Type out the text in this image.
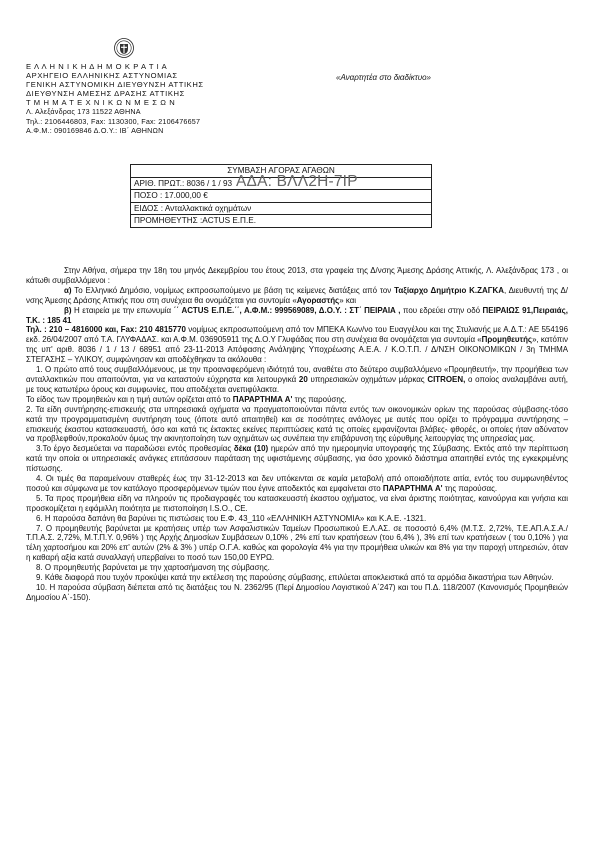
Ε Λ Λ Η Ν Ι Κ Η Δ Η Μ Ο Κ Ρ Α Τ Ι Α
ΑΡΧΗΓΕΙΟ ΕΛΛΗΝΙΚΗΣ ΑΣΤΥΝΟΜΙΑΣ
ΓΕΝΙΚΗ ΑΣΤΥΝΟΜΙΚΗ ΔΙΕΥΘΥΝΣΗ ΑΤΤΙΚΗΣ
ΔΙΕΥΘΥΝΣΗ ΑΜΕΣΗΣ ΔΡΑΣΗΣ ΑΤΤΙΚΗΣ
Τ Μ Η Μ Α Τ Ε Χ Ν Ι Κ Ω Ν Μ Ε Σ Ω Ν
Λ. Αλεξάνδρας 173 11522 ΑΘΗΝΑ
Τηλ.: 2106446803, Fax: 1130300, Fax: 2106476657
Α.Φ.Μ.: 090169846 Δ.Ο.Υ.: ΙΒ΄ ΑΘΗΝΩΝ
«Αναρτητέα στο διαδίκτυο»
ΣΥΜΒΑΣΗ ΑΓΟΡΑΣ ΑΓΑΘΩΝ
ΑΡΙΘ. ΠΡΩΤ.: 8036 / 1 / 93
ΠΟΣΟ : 17.000,00 €
ΕΙΔΟΣ : Ανταλλακτικά οχημάτων
ΠΡΟΜΗΘΕΥΤΗΣ :ACTUS Ε.Π.Ε.
ΑΔΑ: ΒΛΛ2Η-7ΙΡ

Στην Αθήνα, σήμερα την 18η του μηνός Δεκεμβρίου του έτους 2013, στα γραφεία της Δ/νσης Άμεσης Δράσης Αττικής, Λ. Αλεξάνδρας 173 , οι κάτωθι συμβαλλόμενοι :

α) Το Ελληνικό Δημόσιο, νομίμως εκπροσωπούμενο με βάση τις κείμενες διατάξεις από τον Ταξίαρχο Δημήτριο Κ.ΖΑΓΚΑ, Διευθυντή της Δ/νσης Άμεσης Δράσης Αττικής που στη συνέχεια θα ονομάζεται για συντομία «Αγοραστής» και

β) Η εταιρεία με την επωνυμία ΄΄ ACTUS E.Π.Ε.΄΄, Α.Φ.Μ.: 999569089, Δ.Ο.Υ. : ΣΤ΄ ΠΕΙΡΑΙΑ , που εδρεύει στην οδό ΠΕΙΡΑΙΩΣ 91,Πειραιάς, Τ.Κ. : 185 41
Τηλ. : 210 – 4816000 και, Fax: 210 4815770 νομίμως εκπροσωπούμενη από τον ΜΠΕΚΑ Κων/νο του Ευαγγέλου και της Στυλιανής με Α.Δ.Τ.: ΑΕ 554196 εκδ. 26/04/2007 από Τ.Α. ΓΛΥΦΑΔΑΣ. και Α.Φ.Μ. 036905911 της Δ.Ο.Υ Γλυφάδας που στη συνέχεια θα ονομάζεται για συντομία «Προμηθευτής», κατόπιν της υπ' αριθ. 8036 / 1 / 13 / 68951 από 23-11-2013 Απόφασης Ανάληψης Υποχρέωσης Α.Ε.Α. / Κ.Ο.Τ.Π. / Δ/ΝΣΗ ΟΙΚΟΝΟΜΙΚΩΝ / 3η ΤΜΗΜΑ ΣΤΕΓΑΣΗΣ – ΥΛΙΚΟΥ, συμφώνησαν και αποδέχθηκαν τα ακόλουθα :

1. Ο πρώτο από τους συμβαλλόμενους, με την προαναφερόμενη ιδιότητά του, αναθέτει στο δεύτερο συμβαλλόμενο «Προμηθευτή», την προμήθεια των ανταλλακτικών που απαιτούνται, για να καταστούν εύχρηστα και λειτουργικά 20 υπηρεσιακών οχημάτων μάρκας CITROEN, ο οποίος αναλαμβάνει αυτή, με τους κατωτέρω όρους και συμφωνίες, που αποδέχεται ανεπιφύλακτα.

Το είδος των προμηθειών και η τιμή αυτών ορίζεται από το ΠΑΡΑΡΤΗΜΑ Α' της παρούσης.

2. Τα είδη συντήρησης-επισκευής στα υπηρεσιακά οχήματα να πραγματοποιούνται πάντα εντός των οικονομικών ορίων της παρούσας σύμβασης-τόσο κατά την προγραμματισμένη συντήρηση τους (όποτε αυτό απαιτηθεί) και σε ποσότητες ανάλογες με αυτές που ορίζει το πρόγραμμα συντήρησης – επισκευής έκαστου κατασκευαστή, όσο και κατά τις έκτακτες εκείνες περιπτώσεις κατά τις οποίες εμφανίζονται βλάβες- φθορές, οι οποίες ήταν αδύνατον να προβλεφθούν,προκαλούν όμως την ακινητοποίηση των οχημάτων ως συνέπεια την επιβάρυνση της εύρυθμης λειτουργίας της υπηρεσίας μας.

3.Το έργο δεσμεύεται να παραδώσει εντός προθεσμίας δέκα (10) ημερών από την ημερομηνία υπογραφής της Σύμβασης. Εκτός από την περίπτωση κατά την οποία οι υπηρεσιακές ανάγκες επιτάσσουν παράταση της υφιστάμενης σύμβασης, για όσο χρονικό διάστημα απαιτηθεί εντός της εγκεκριμένης πίστωσης.

4. Οι τιμές θα παραμείνουν σταθερές έως την 31-12-2013 και δεν υπόκεινται σε καμία μεταβολή από οποιαδήποτε αιτία, εντός του συμφωνηθέντος ποσού και σύμφωνα με τον κατάλογο προσφερόμενων τιμών που έγινε αποδεκτός και εμφαίνεται στο ΠΑΡΑΡΤΗΜΑ Α' της παρούσας.

5. Τα προς προμήθεια είδη να πληρούν τις προδιαγραφές του κατασκευαστή έκαστου οχήματος, να είναι άριστης ποιότητας, καινούργια και γνήσια και προσκομίζεται η εφάμιλλη ποιότητα με πιστοποίηση I.S.O., CE.

6. Η παρούσα δαπάνη θα βαρύνει τις πιστώσεις του Ε.Φ. 43_110 «ΕΛΛΗΝΙΚΗ ΑΣΤΥΝΟΜΙΑ» και Κ.Α.Ε. -1321.

7. Ο προμηθευτής βαρύνεται με κρατήσεις υπέρ των Ασφαλιστικών Ταμείων Προσωπικού Ε.Λ.ΑΣ. σε ποσοστό 6,4% (Μ.Τ.Σ. 2,72%, Τ.Ε.ΑΠ.Α.Σ.Α./Τ.Π.Α.Σ. 2,72%, Μ.Τ.Π.Υ. 0,96% ) της Αρχής Δημοσίων Συμβάσεων 0,10% , 2% επί των κρατήσεων (του 6,4% ), 3% επί των κρατήσεων ( του 0,10% ) για τέλη χαρτοσήμου και 20% επ' αυτών (2% & 3% ) υπέρ Ο.Γ.Α. καθώς και φορολογία 4% για την προμήθεια υλικών και 8% για την παροχή υπηρεσιών, όταν η καθαρή αξία κατά συναλλαγή υπερβαίνει το ποσό των 150,00 ΕΥΡΩ.

8. Ο προμηθευτής βαρύνεται με την χαρτοσήμανση της σύμβασης.

9. Κάθε διαφορά που τυχόν προκύψει κατά την εκτέλεση της παρούσης σύμβασης, επιλύεται αποκλειστικά από τα αρμόδια δικαστήρια των Αθηνών.

10. Η παρούσα σύμβαση διέπεται από τις διατάξεις του Ν. 2362/95 (Περί Δημοσίου Λογιστικού Α΄247) και του Π.Δ. 118/2007 (Κανονισμός Προμηθειών Δημοσίου Α΄-150).
